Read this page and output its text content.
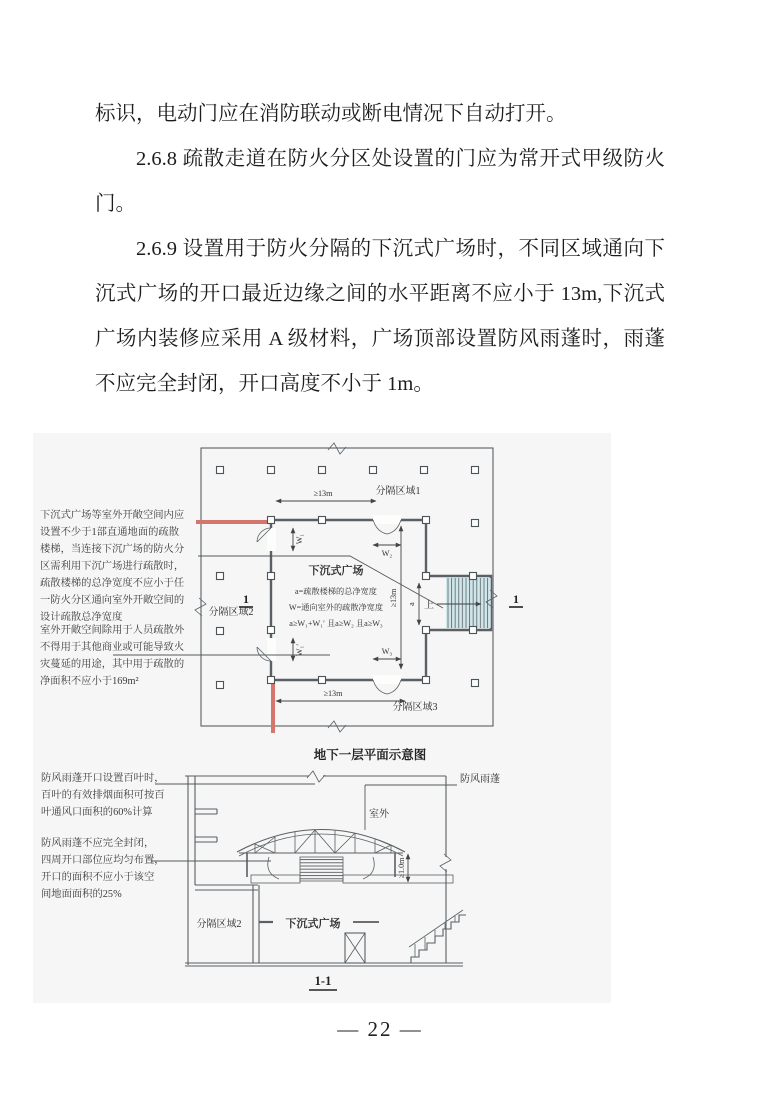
标识，电动门应在消防联动或断电情况下自动打开。

2.6.8 疏散走道在防火分区处设置的门应为常开式甲级防火门。

2.6.9 设置用于防火分隔的下沉式广场时，不同区域通向下沉式广场的开口最近边缘之间的水平距离不应小于 13m,下沉式广场内装修应采用 A 级材料，广场顶部设置防风雨蓬时，雨蓬不应完全封闭，开口高度不小于 1m。

上
≥13m
≥13m
≥13m
W₁
W₁′
W₂
W₃
a
分隔区域1
分隔区域2
分隔区域3
下沉式广场
a=疏散楼梯的总净宽度
W=通向室外的疏散净宽度
a≥W₁+W₁′ 且a≥W₂ 且a≥W₃
1	1
下沉式广场等室外开敞空间内应
设置不少于1部直通地面的疏散
楼梯，当连接下沉广场的防火分
区需利用下沉广场进行疏散时，
疏散楼梯的总净宽度不应小于任
一防火分区通向室外开敞空间的
设计疏散总净宽度
室外开敞空间除用于人员疏散外
不得用于其他商业或可能导致火
灾蔓延的用途，其中用于疏散的
净面积不应小于169m²
地下一层平面示意图
≥1.0m
防风雨蓬
室外
分隔区域2	下沉式广场
防风雨蓬开口设置百叶时，
百叶的有效排烟面积可按百
叶通风口面积的60%计算
防风雨蓬不应完全封闭，
四周开口部位应均匀布置，
开口的面积不应小于该空
间地面面积的25%
1-1
— 22 —
